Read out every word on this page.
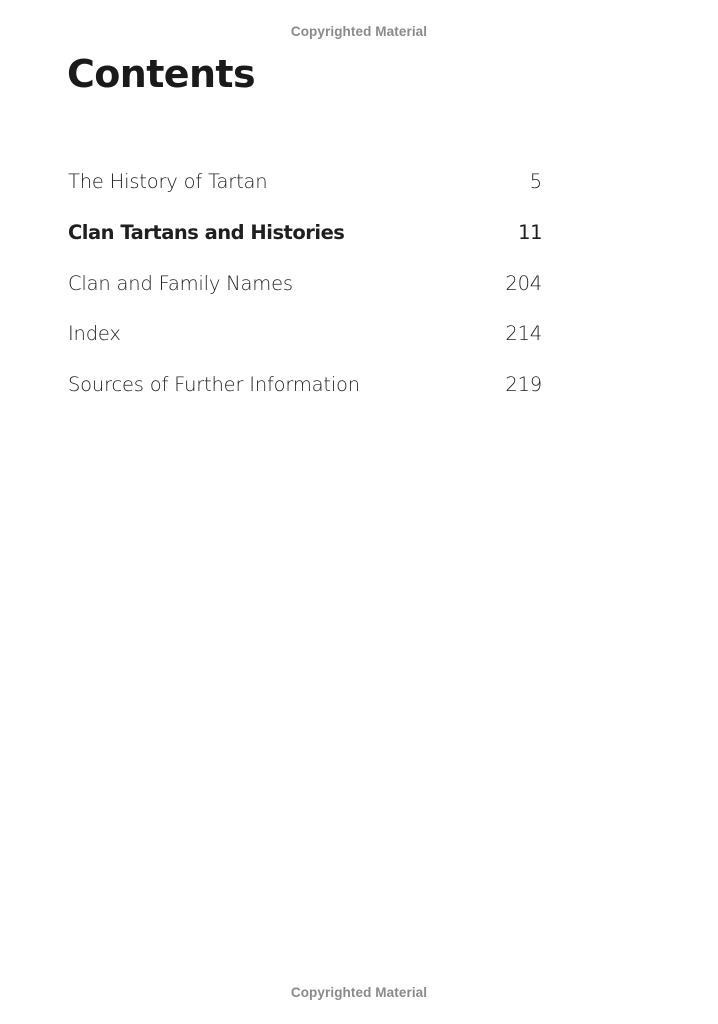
Copyrighted Material
Contents
The History of Tartan	5
Clan Tartans and Histories	11
Clan and Family Names	204
Index	214
Sources of Further Information	219
Copyrighted Material
